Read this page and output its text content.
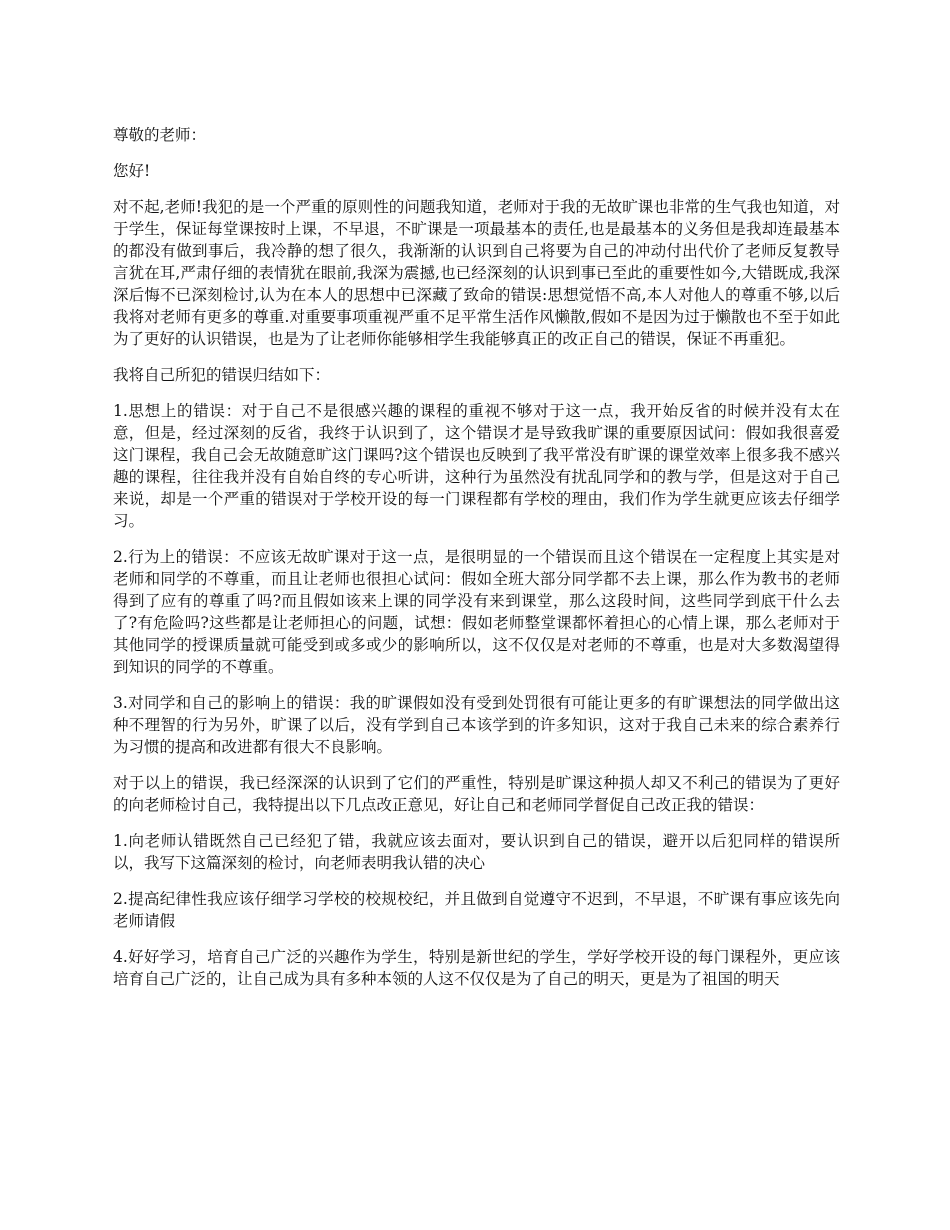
尊敬的老师：

您好!

对不起,老师!我犯的是一个严重的原则性的问题我知道，老师对于我的无故旷课也非常的生气我也知道，对于学生，保证每堂课按时上课，不早退，不旷课是一项最基本的责任,也是最基本的义务但是我却连最基本的都没有做到事后，我冷静的想了很久，我渐渐的认识到自己将要为自己的冲动付出代价了老师反复教导言犹在耳,严肃仔细的表情犹在眼前,我深为震撼,也已经深刻的认识到事已至此的重要性如今,大错既成,我深深后悔不已深刻检讨,认为在本人的思想中已深藏了致命的错误:思想觉悟不高,本人对他人的尊重不够,以后我将对老师有更多的尊重.对重要事项重视严重不足平常生活作风懒散,假如不是因为过于懒散也不至于如此为了更好的认识错误，也是为了让老师你能够相学生我能够真正的改正自己的错误，保证不再重犯。

我将自己所犯的错误归结如下：

1.思想上的错误：对于自己不是很感兴趣的课程的重视不够对于这一点，我开始反省的时候并没有太在意，但是，经过深刻的反省，我终于认识到了，这个错误才是导致我旷课的重要原因试问：假如我很喜爱这门课程，我自己会无故随意旷这门课吗?这个错误也反映到了我平常没有旷课的课堂效率上很多我不感兴趣的课程，往往我并没有自始自终的专心听讲，这种行为虽然没有扰乱同学和的教与学，但是这对于自己来说，却是一个严重的错误对于学校开设的每一门课程都有学校的理由，我们作为学生就更应该去仔细学习。

2.行为上的错误：不应该无故旷课对于这一点，是很明显的一个错误而且这个错误在一定程度上其实是对老师和同学的不尊重，而且让老师也很担心试问：假如全班大部分同学都不去上课，那么作为教书的老师得到了应有的尊重了吗?而且假如该来上课的同学没有来到课堂，那么这段时间，这些同学到底干什么去了?有危险吗?这些都是让老师担心的问题，试想：假如老师整堂课都怀着担心的心情上课，那么老师对于其他同学的授课质量就可能受到或多或少的影响所以，这不仅仅是对老师的不尊重，也是对大多数渴望得到知识的同学的不尊重。

3.对同学和自己的影响上的错误：我的旷课假如没有受到处罚很有可能让更多的有旷课想法的同学做出这种不理智的行为另外，旷课了以后，没有学到自己本该学到的许多知识，这对于我自己未来的综合素养行为习惯的提高和改进都有很大不良影响。

对于以上的错误，我已经深深的认识到了它们的严重性，特别是旷课这种损人却又不利己的错误为了更好的向老师检讨自己，我特提出以下几点改正意见，好让自己和老师同学督促自己改正我的错误：

1.向老师认错既然自己已经犯了错，我就应该去面对，要认识到自己的错误，避开以后犯同样的错误所以，我写下这篇深刻的检讨，向老师表明我认错的决心

2.提高纪律性我应该仔细学习学校的校规校纪，并且做到自觉遵守不迟到，不早退，不旷课有事应该先向老师请假

4.好好学习，培育自己广泛的兴趣作为学生，特别是新世纪的学生，学好学校开设的每门课程外，更应该培育自己广泛的，让自己成为具有多种本领的人这不仅仅是为了自己的明天，更是为了祖国的明天
